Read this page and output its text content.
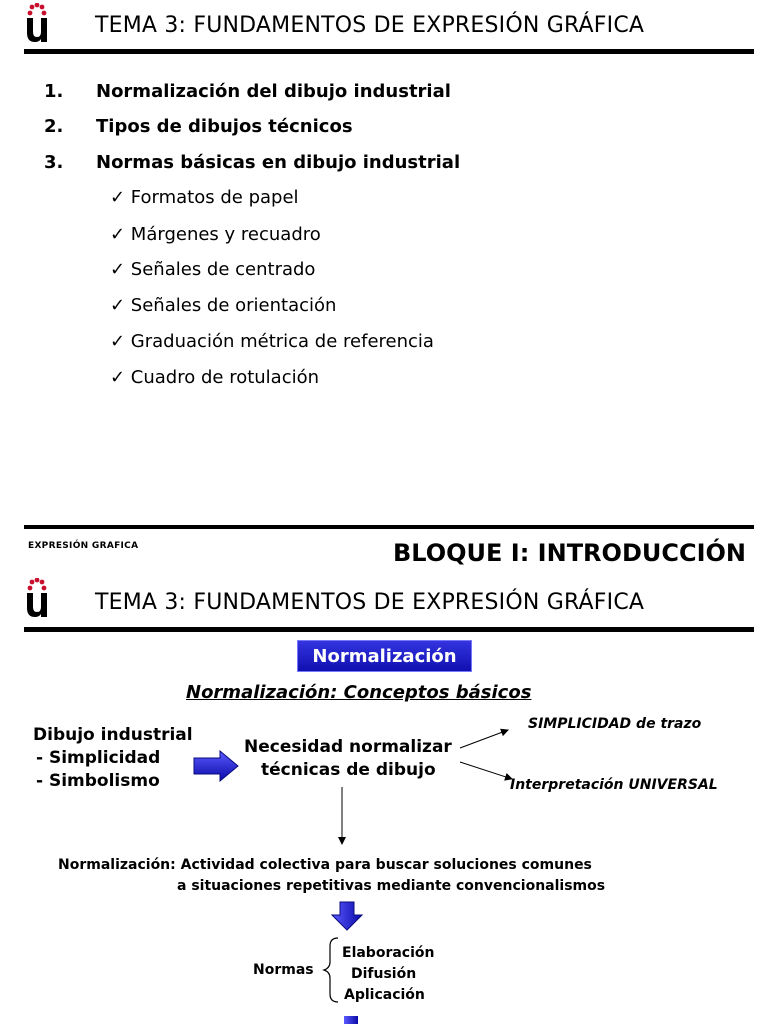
TEMA 3: FUNDAMENTOS DE EXPRESIÓN GRÁFICA
1. Normalización del dibujo industrial
2. Tipos de dibujos técnicos
3. Normas básicas en dibujo industrial
✓ Formatos de papel
✓ Márgenes y recuadro
✓ Señales de centrado
✓ Señales de orientación
✓ Graduación métrica de referencia
✓ Cuadro de rotulación
EXPRESIÓN GRAFICA	BLOQUE I: INTRODUCCIÓN
TEMA 3: FUNDAMENTOS DE EXPRESIÓN GRÁFICA
Normalización
Normalización: Conceptos básicos
Dibujo industrial
- Simplicidad
- Simbolismo
Necesidad normalizar
técnicas de dibujo
SIMPLICIDAD de trazo
Interpretación UNIVERSAL
Normalización: Actividad colectiva para buscar soluciones comunes
a situaciones repetitivas mediante convencionalismos
Normas
Elaboración
Difusión
Aplicación
